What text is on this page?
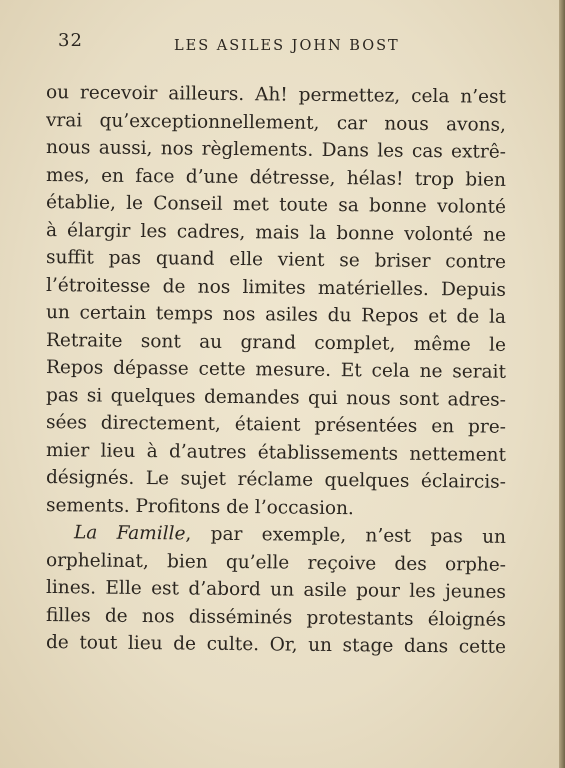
32	LES ASILES JOHN BOST
ou recevoir ailleurs. Ah! permettez, cela n’est
vrai qu’exceptionnellement, car nous avons,
nous aussi, nos règlements. Dans les cas extrê-
mes, en face d’une détresse, hélas! trop bien
établie, le Conseil met toute sa bonne volonté
à élargir les cadres, mais la bonne volonté ne
suffit pas quand elle vient se briser contre
l’étroitesse de nos limites matérielles. Depuis
un certain temps nos asiles du Repos et de la
Retraite sont au grand complet, même le
Repos dépasse cette mesure. Et cela ne serait
pas si quelques demandes qui nous sont adres-
sées directement, étaient présentées en pre-
mier lieu à d’autres établissements nettement
désignés. Le sujet réclame quelques éclaircis-
sements. Profitons de l’occasion.
La Famille, par exemple, n’est pas un
orphelinat, bien qu’elle reçoive des orphe-
lines. Elle est d’abord un asile pour les jeunes
filles de nos disséminés protestants éloignés
de tout lieu de culte. Or, un stage dans cette
